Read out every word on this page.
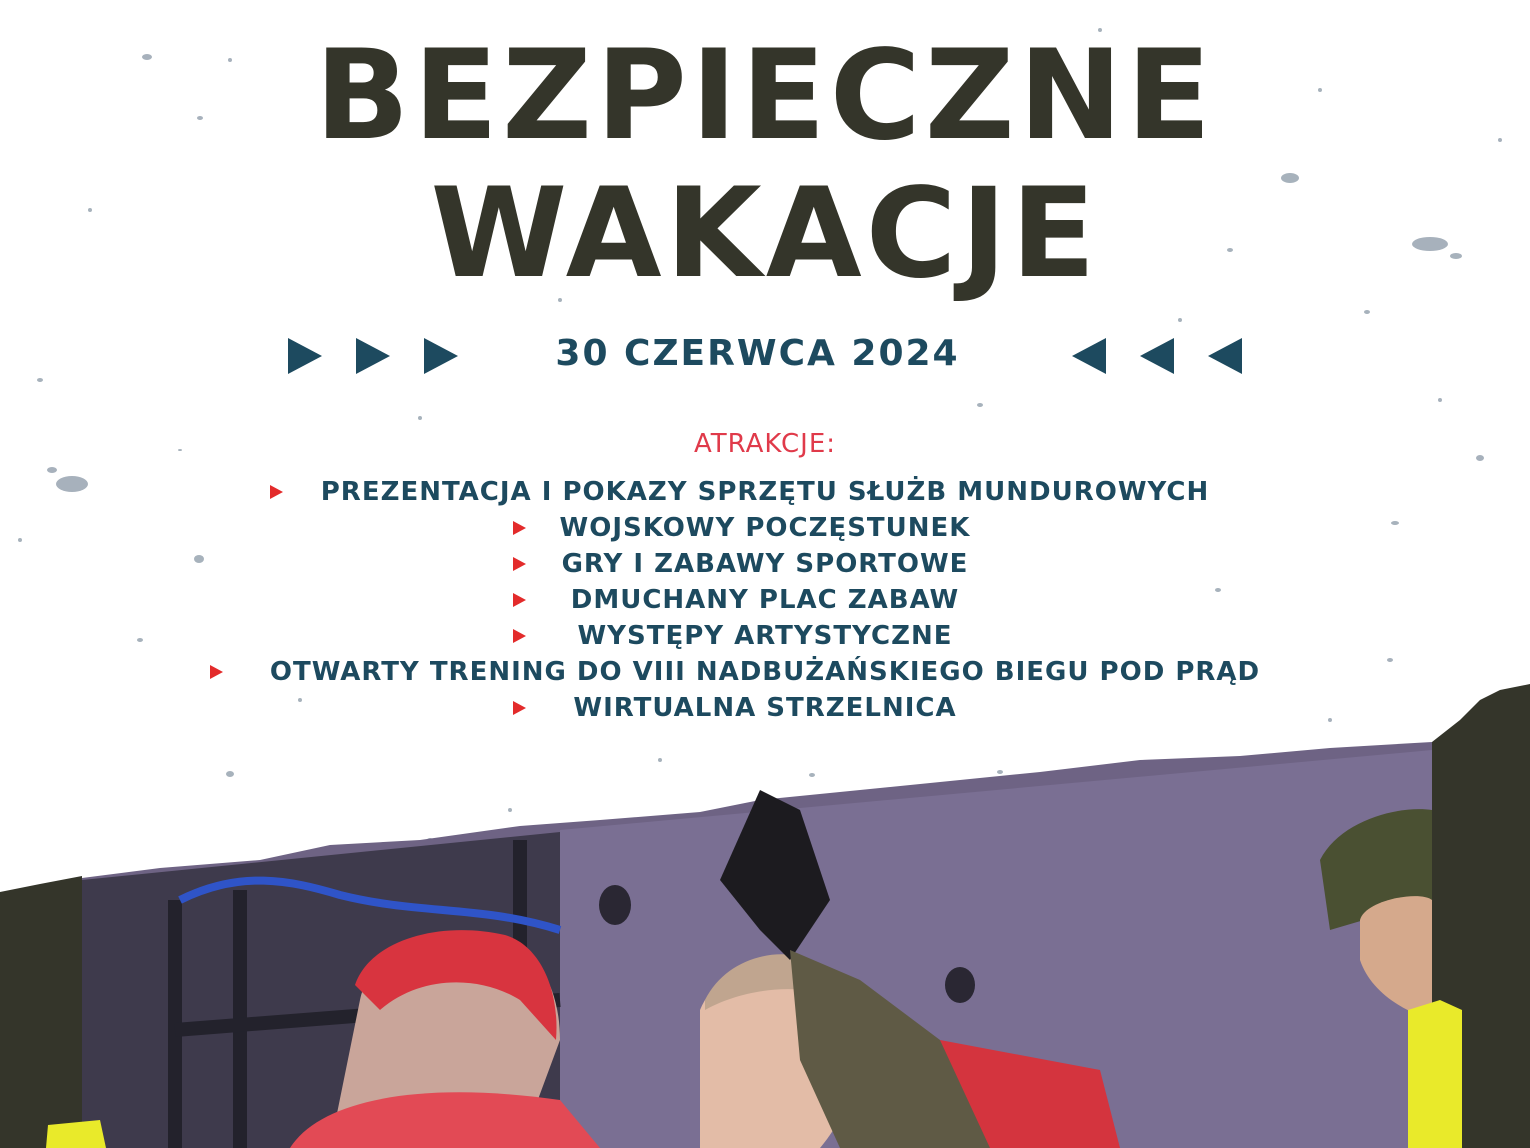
BEZPIECZNE
WAKACJE
30 CZERWCA 2024
ATRAKCJE:
PREZENTACJA I POKAZY SPRZĘTU SŁUŻB MUNDUROWYCH
WOJSKOWY POCZĘSTUNEK
GRY I ZABAWY SPORTOWE
DMUCHANY PLAC ZABAW
WYSTĘPY ARTYSTYCZNE
OTWARTY TRENING DO VIII NADBUŻAŃSKIEGO BIEGU POD PRĄD
WIRTUALNA STRZELNICA
